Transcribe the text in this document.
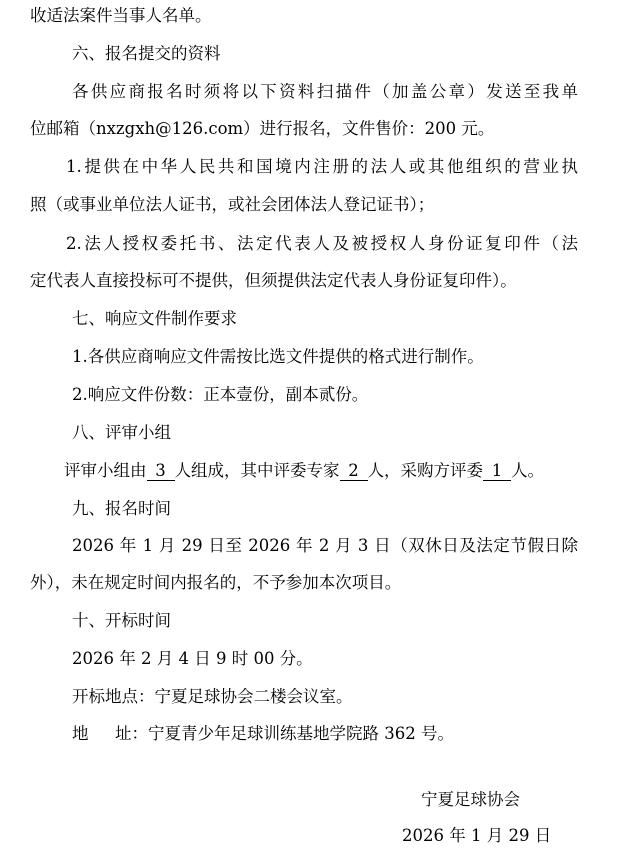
收适法案件当事人名单。
六、报名提交的资料
各供应商报名时须将以下资料扫描件（加盖公章）发送至我单
位邮箱（nxzgxh@126.com）进行报名，文件售价：200 元。
1.提供在中华人民共和国境内注册的法人或其他组织的营业执
照（或事业单位法人证书，或社会团体法人登记证书）；
2.法人授权委托书、法定代表人及被授权人身份证复印件（法
定代表人直接投标可不提供，但须提供法定代表人身份证复印件）。
七、响应文件制作要求
1.各供应商响应文件需按比选文件提供的格式进行制作。
2.响应文件份数：正本壹份，副本贰份。
八、评审小组
评审小组由 3 人组成，其中评委专家 2 人，采购方评委 1 人。
九、报名时间
2026 年 1 月 29 日至 2026 年 2 月 3 日（双休日及法定节假日除
外），未在规定时间内报名的，不予参加本次项目。
十、开标时间
2026 年 2 月 4 日 9 时 00 分。
开标地点：宁夏足球协会二楼会议室。
地 址：宁夏青少年足球训练基地学院路 362 号。
宁夏足球协会
2026 年 1 月 29 日
